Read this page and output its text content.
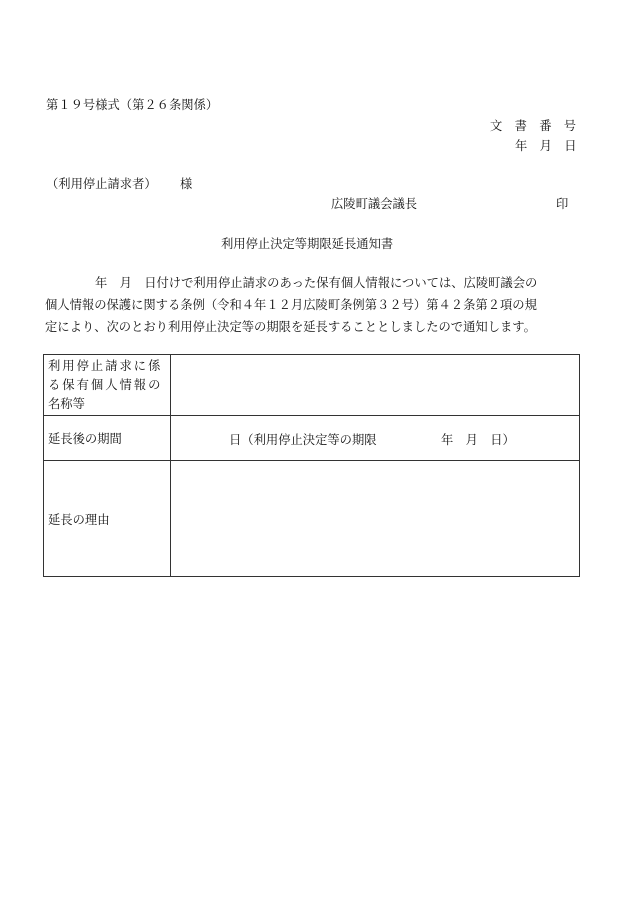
第１９号様式（第２６条関係）
文　書　番　号
年　月　日
（利用停止請求者） 様
広陵町議会議長	印
利用停止決定等期限延長通知書

年　月　日付けで利用停止請求のあった保有個人情報については、広陵町議会の

個人情報の保護に関する条例（令和４年１２月広陵町条例第３２号）第４２条第２項の規

定により、次のとおり利用停止決定等の期限を延長することとしましたので通知します。

利用停止請求に係
る保有個人情報の
名称等	

延長後の期間	日（利用停止決定等の期限 年　月　日）

延長の理由	
